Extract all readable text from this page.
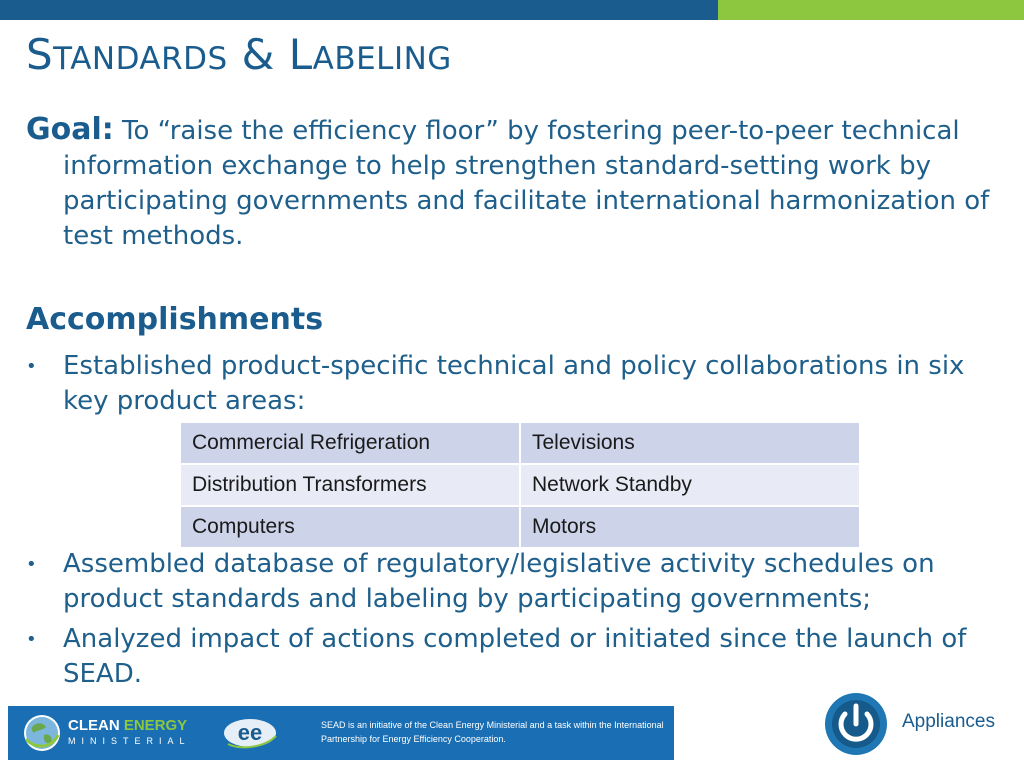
STANDARDS & LABELING

Goal: To “raise the efficiency floor” by fostering peer-to-peer technical information exchange to help strengthen standard-setting work by participating governments and facilitate international harmonization of test methods.

Accomplishments
• Established product-specific technical and policy collaborations in six key product areas:
Commercial Refrigeration	Televisions
Distribution Transformers	Network Standby
Computers	Motors
• Assembled database of regulatory/legislative activity schedules on product standards and labeling by participating governments;
• Analyzed impact of actions completed or initiated since the launch of SEAD.
CLEAN ENERGY
MINISTERIAL ee	SEAD is an initiative of the Clean Energy Ministerial and a task within the International Partnership for Energy Efficiency Cooperation.
Appliances
